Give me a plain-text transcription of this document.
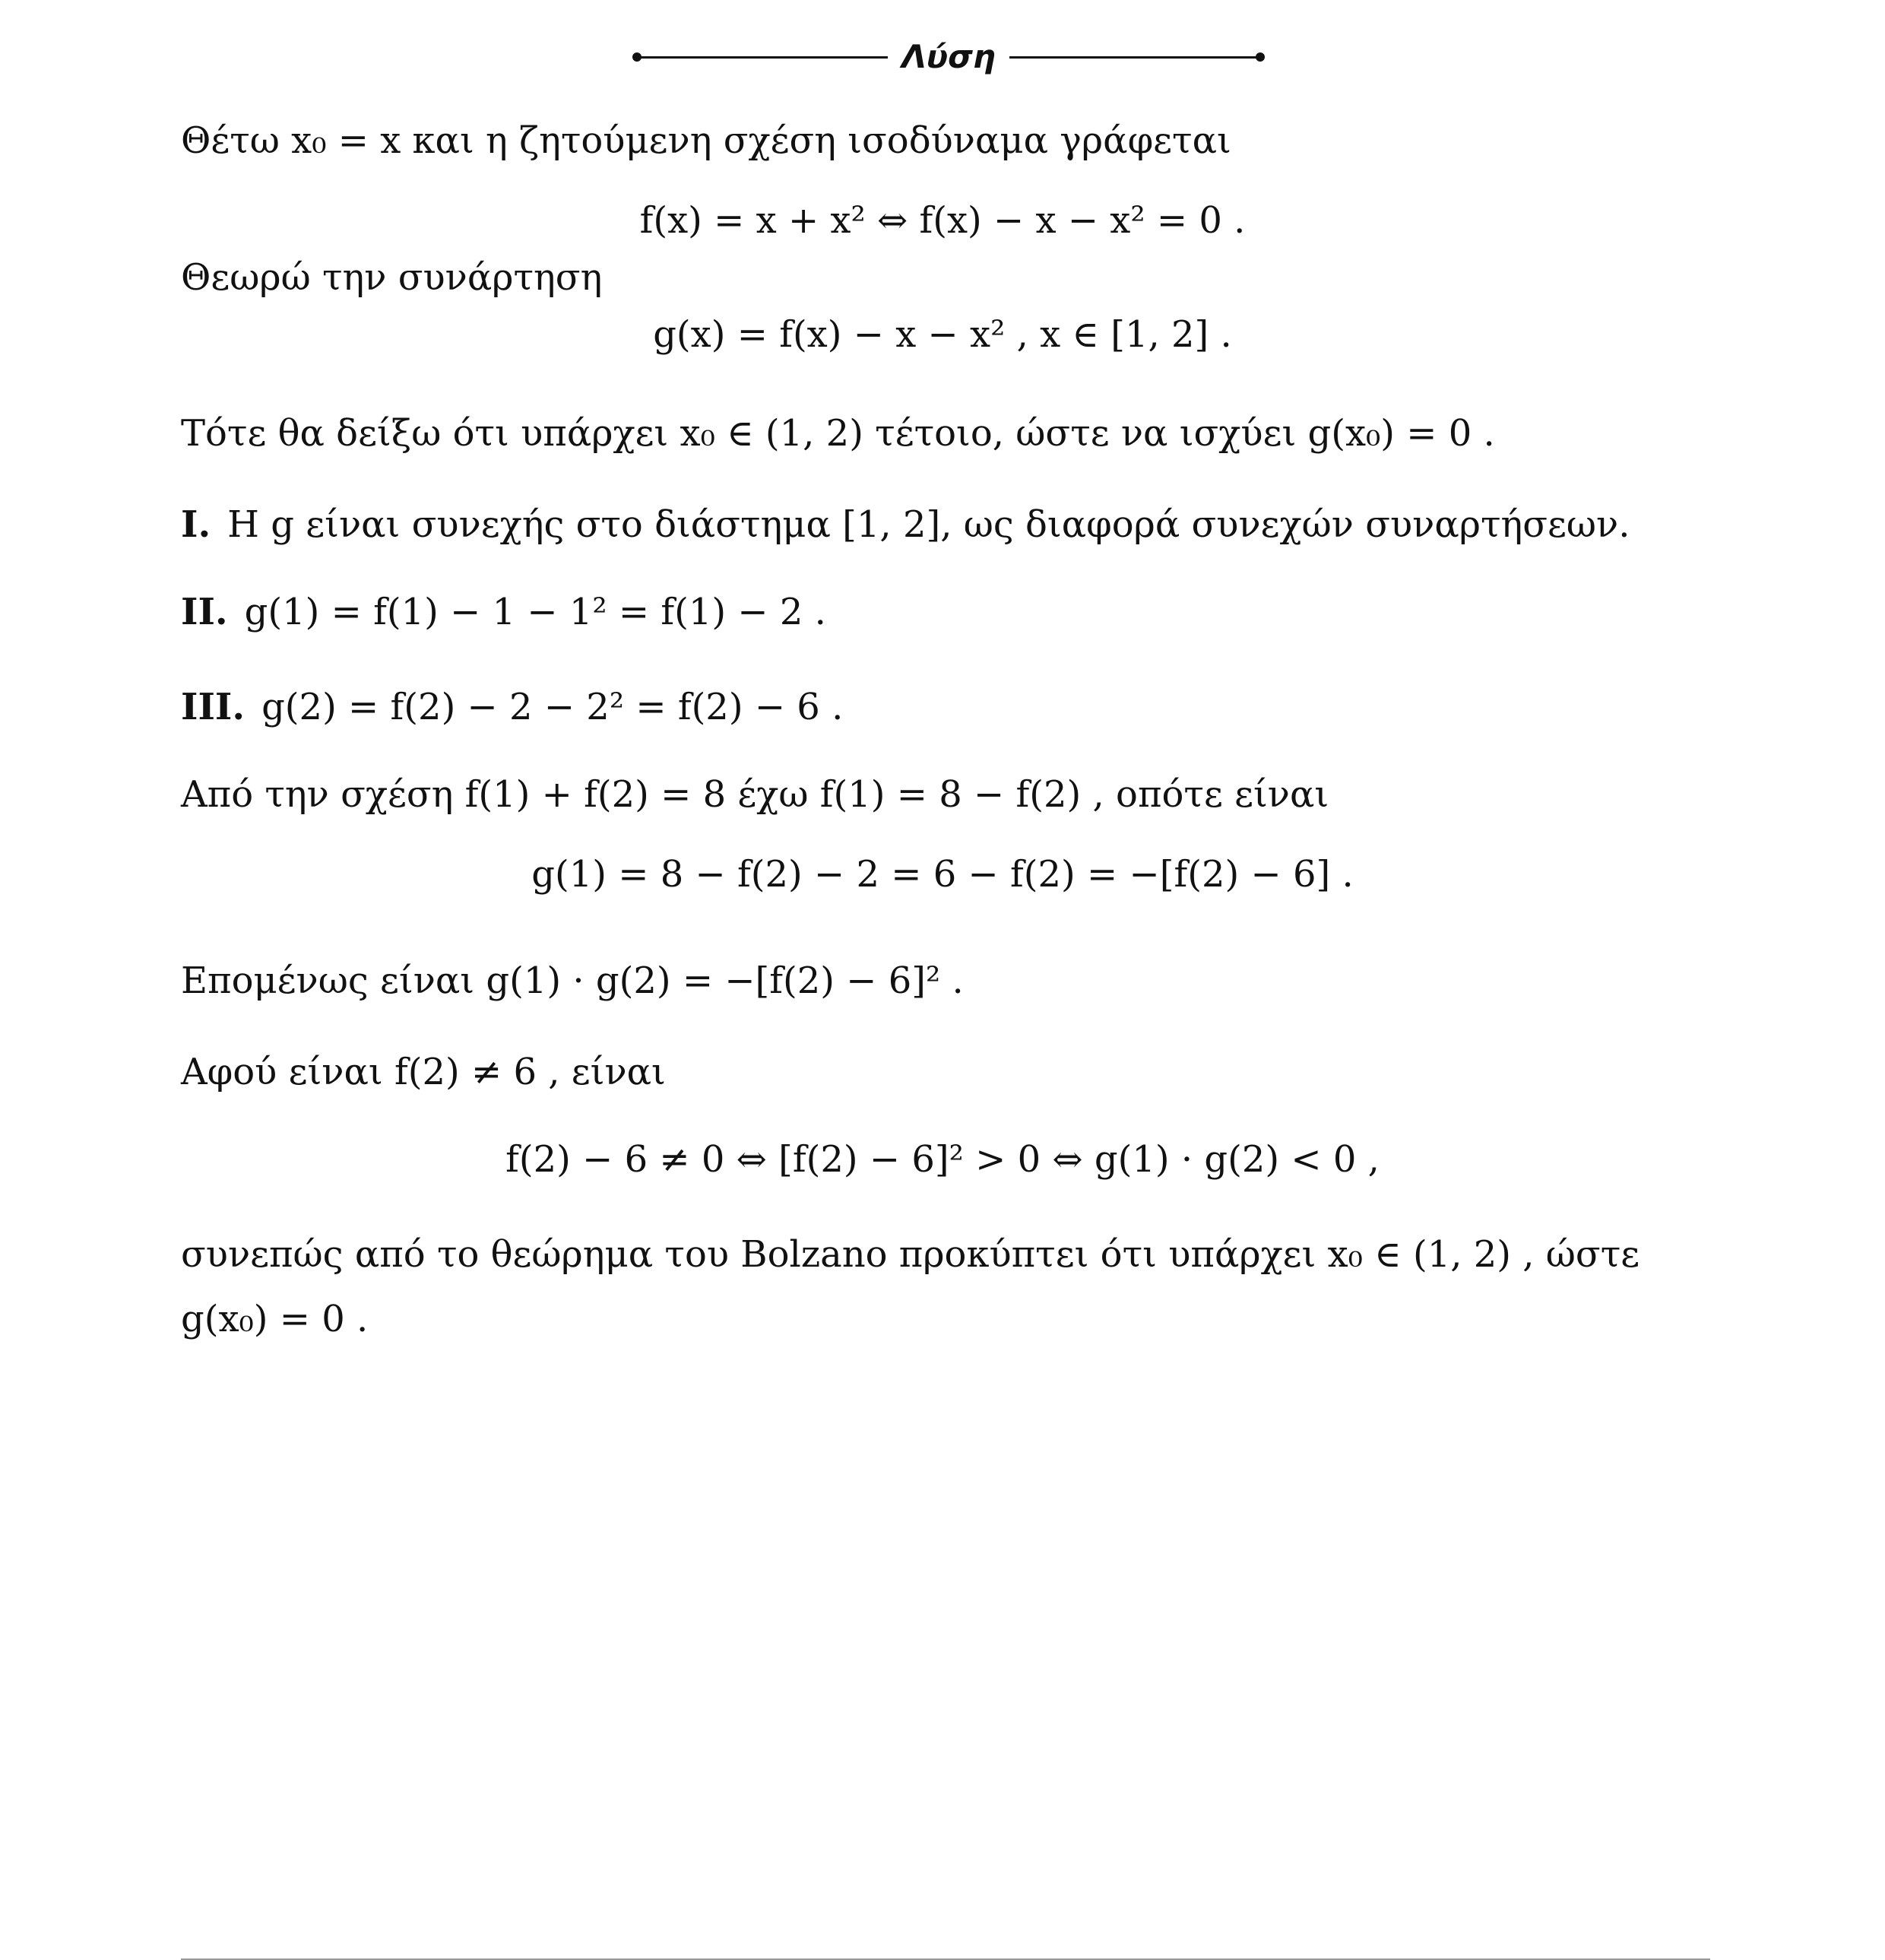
Λύση
Θέτω x₀ = x και η ζητούμενη σχέση ισοδύναμα γράφεται
f(x) = x + x² ⇔ f(x) − x − x² = 0 .
Θεωρώ την συνάρτηση
g(x) = f(x) − x − x² , x ∈ [1, 2] .
Τότε θα δείξω ότι υπάρχει x₀ ∈ (1, 2) τέτοιο, ώστε να ισχύει g(x₀) = 0 .
I. Η g είναι συνεχής στο διάστημα [1, 2], ως διαφορά συνεχών συναρτήσεων.
II. g(1) = f(1) − 1 − 1² = f(1) − 2 .
III. g(2) = f(2) − 2 − 2² = f(2) − 6 .
Από την σχέση f(1) + f(2) = 8 έχω f(1) = 8 − f(2) , οπότε είναι
g(1) = 8 − f(2) − 2 = 6 − f(2) = −[f(2) − 6] .
Επομένως είναι g(1) · g(2) = −[f(2) − 6]² .
Αφού είναι f(2) ≠ 6 , είναι
f(2) − 6 ≠ 0 ⇔ [f(2) − 6]² > 0 ⇔ g(1) · g(2) < 0 ,
συνεπώς από το θεώρημα του Bolzano προκύπτει ότι υπάρχει x₀ ∈ (1, 2) , ώστε
g(x₀) = 0 .
